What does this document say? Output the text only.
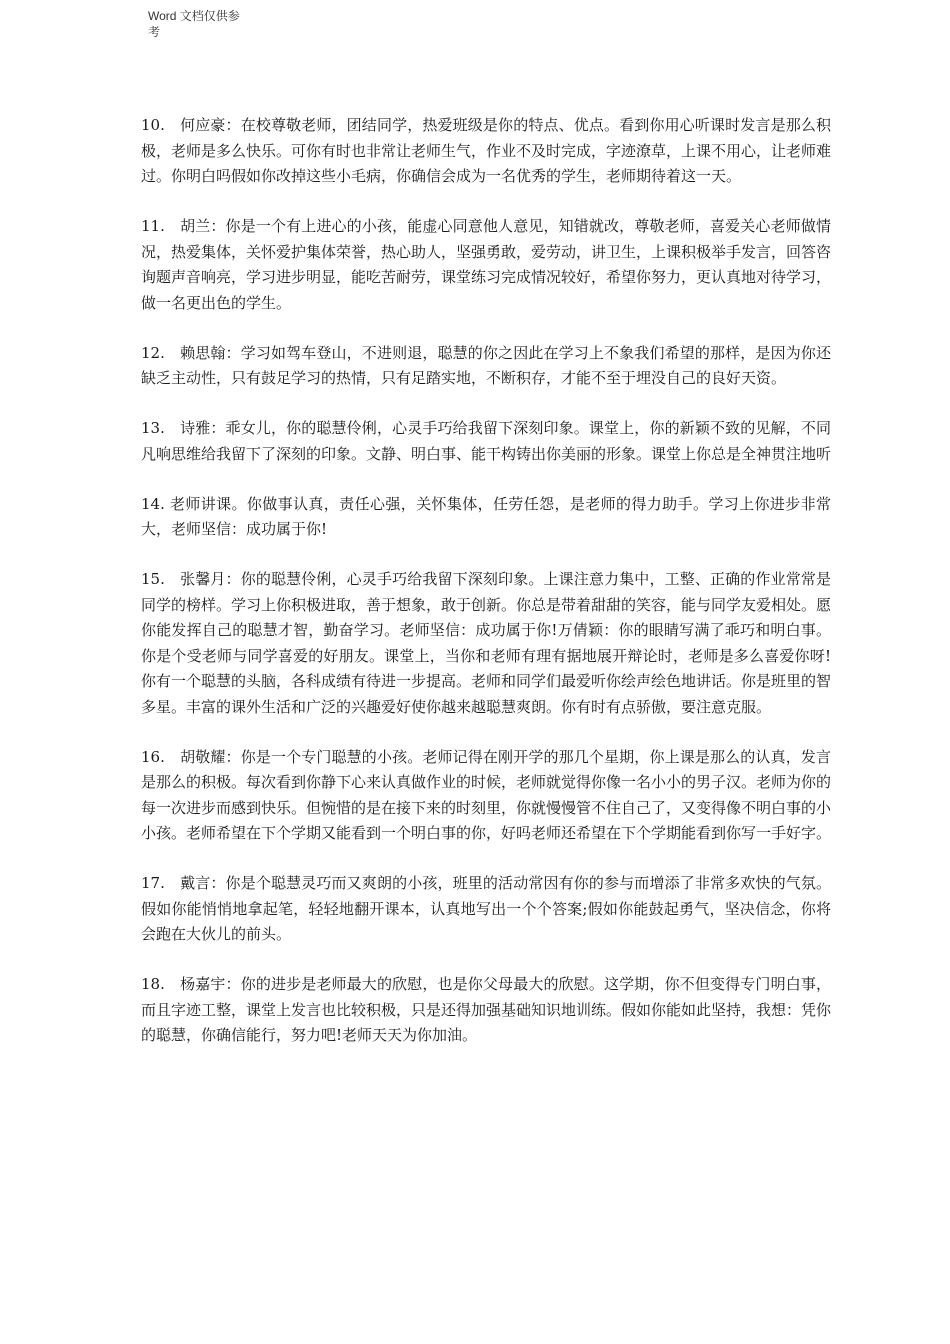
Word 文档仅供参考

10.　何应豪：在校尊敬老师，团结同学，热爱班级是你的特点、优点。看到你用心听课时发言是那么积极，老师是多么快乐。可你有时也非常让老师生气，作业不及时完成，字迹潦草，上课不用心，让老师难过。你明白吗假如你改掉这些小毛病，你确信会成为一名优秀的学生，老师期待着这一天。

11.　胡兰：你是一个有上进心的小孩，能虚心同意他人意见，知错就改，尊敬老师，喜爱关心老师做情况，热爱集体，关怀爱护集体荣誉，热心助人，坚强勇敢，爱劳动，讲卫生，上课积极举手发言，回答咨询题声音响亮，学习进步明显，能吃苦耐劳，课堂练习完成情况较好，希望你努力，更认真地对待学习，做一名更出色的学生。

12.　赖思翰：学习如驾车登山，不进则退，聪慧的你之因此在学习上不象我们希望的那样，是因为你还缺乏主动性，只有鼓足学习的热情，只有足踏实地，不断积存，才能不至于埋没自己的良好天资。

13.　诗雅：乖女儿，你的聪慧伶俐，心灵手巧给我留下深刻印象。课堂上，你的新颖不致的见解，不同凡响思维给我留下了深刻的印象。文静、明白事、能干构铸出你美丽的形象。课堂上你总是全神贯注地听

14. 老师讲课。你做事认真，责任心强，关怀集体，任劳任怨，是老师的得力助手。学习上你进步非常大，老师坚信：成功属于你!

15.　张馨月：你的聪慧伶俐，心灵手巧给我留下深刻印象。上课注意力集中，工整、正确的作业常常是同学的榜样。学习上你积极进取，善于想象，敢于创新。你总是带着甜甜的笑容，能与同学友爱相处。愿你能发挥自己的聪慧才智，勤奋学习。老师坚信：成功属于你!万倩颖：你的眼睛写满了乖巧和明白事。你是个受老师与同学喜爱的好朋友。课堂上，当你和老师有理有据地展开辩论时，老师是多么喜爱你呀!你有一个聪慧的头脑，各科成绩有待进一步提高。老师和同学们最爱听你绘声绘色地讲话。你是班里的智多星。丰富的课外生活和广泛的兴趣爱好使你越来越聪慧爽朗。你有时有点骄傲，要注意克服。

16.　胡敬耀：你是一个专门聪慧的小孩。老师记得在刚开学的那几个星期，你上课是那么的认真，发言是那么的积极。每次看到你静下心来认真做作业的时候，老师就觉得你像一名小小的男子汉。老师为你的每一次进步而感到快乐。但惋惜的是在接下来的时刻里，你就慢慢管不住自己了，又变得像不明白事的小小孩。老师希望在下个学期又能看到一个明白事的你，好吗老师还希望在下个学期能看到你写一手好字。

17.　戴言：你是个聪慧灵巧而又爽朗的小孩，班里的活动常因有你的参与而增添了非常多欢快的气氛。假如你能悄悄地拿起笔，轻轻地翻开课本，认真地写出一个个答案;假如你能鼓起勇气，坚决信念，你将会跑在大伙儿的前头。

18.　杨嘉宇：你的进步是老师最大的欣慰，也是你父母最大的欣慰。这学期，你不但变得专门明白事，而且字迹工整，课堂上发言也比较积极，只是还得加强基础知识地训练。假如你能如此坚持，我想：凭你的聪慧，你确信能行，努力吧!老师天天为你加油。
